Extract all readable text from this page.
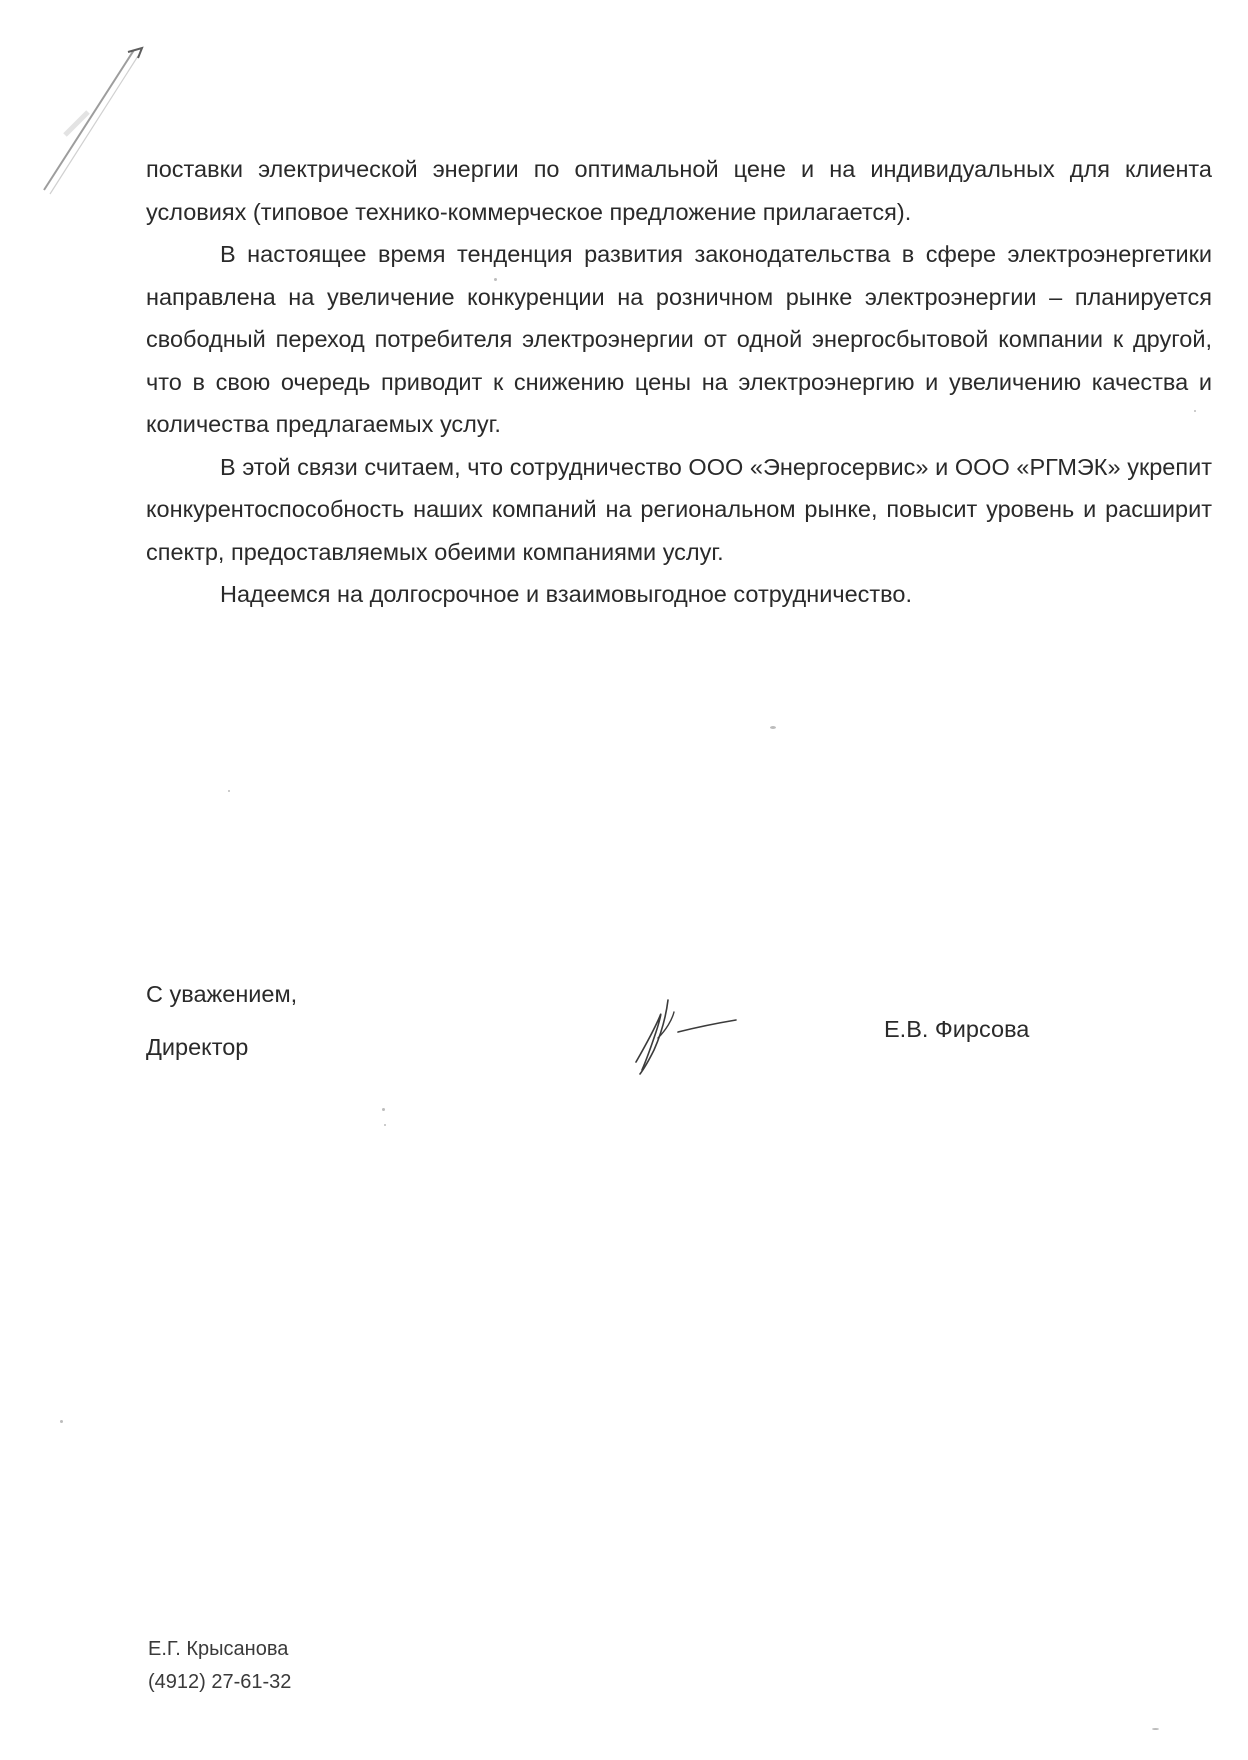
поставки электрической энергии по оптимальной цене и на индивидуальных для клиента условиях (типовое технико-коммерческое предложение прилагается).

В настоящее время тенденция развития законодательства в сфере электроэнергетики направлена на увеличение конкуренции на розничном рынке электроэнергии – планируется свободный переход потребителя электроэнергии от одной энергосбытовой компании к другой, что в свою очередь приводит к снижению цены на электроэнергию и увеличению качества и количества предлагаемых услуг.

В этой связи считаем, что сотрудничество ООО «Энергосервис» и ООО «РГМЭК» укрепит конкурентоспособность наших компаний на региональном рынке, повысит уровень и расширит спектр, предоставляемых обеими компаниями услуг.

Надеемся на долгосрочное и взаимовыгодное сотрудничество.

С уважением,
Директор
Е.В. Фирсова
Е.Г. Крысанова
(4912) 27-61-32
